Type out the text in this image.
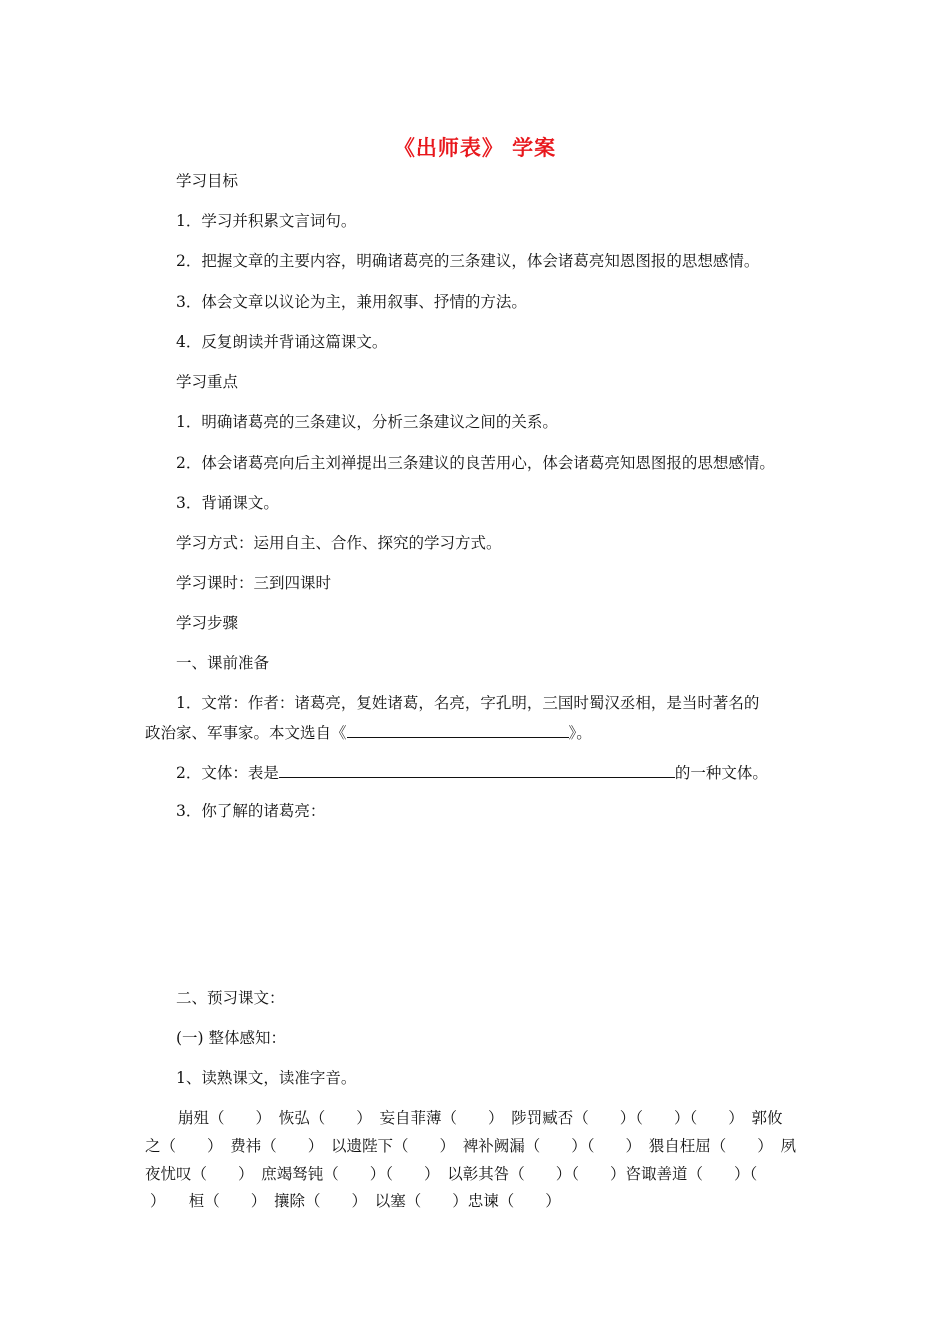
《出师表》 学案
学习目标
1．学习并积累文言词句。
2．把握文章的主要内容，明确诸葛亮的三条建议，体会诸葛亮知恩图报的思想感情。
3．体会文章以议论为主，兼用叙事、抒情的方法。
4．反复朗读并背诵这篇课文。
学习重点
1．明确诸葛亮的三条建议，分析三条建议之间的关系。
2．体会诸葛亮向后主刘禅提出三条建议的良苦用心，体会诸葛亮知恩图报的思想感情。
3．背诵课文。
学习方式：运用自主、合作、探究的学习方式。
学习课时：三到四课时
学习步骤
一、课前准备
1．文常：作者：诸葛亮，复姓诸葛，名亮，字孔明，三国时蜀汉丞相，是当时著名的
政治家、军事家。本文选自《	》。
2．文体：表是	的一种文体。
3．你了解的诸葛亮：
二、预习课文：
(一) 整体感知：
1、读熟课文，读准字音。
崩殂（　　）　恢弘（　　）　妄自菲薄（　　）　陟罚臧否（　　）（　　）（　　）　郭攸
之（　　）　费祎（　　）　以遗陛下（　　）　裨补阙漏（　　）（　　）　猥自枉屈（　　）　夙
夜忧叹（　　）　庶竭驽钝（　　）（　　）　以彰其咎（　　）（　　）咨诹善道（　　）（
）　　桓（　　）　攘除（　　）　以塞（　　）忠谏（　　）
